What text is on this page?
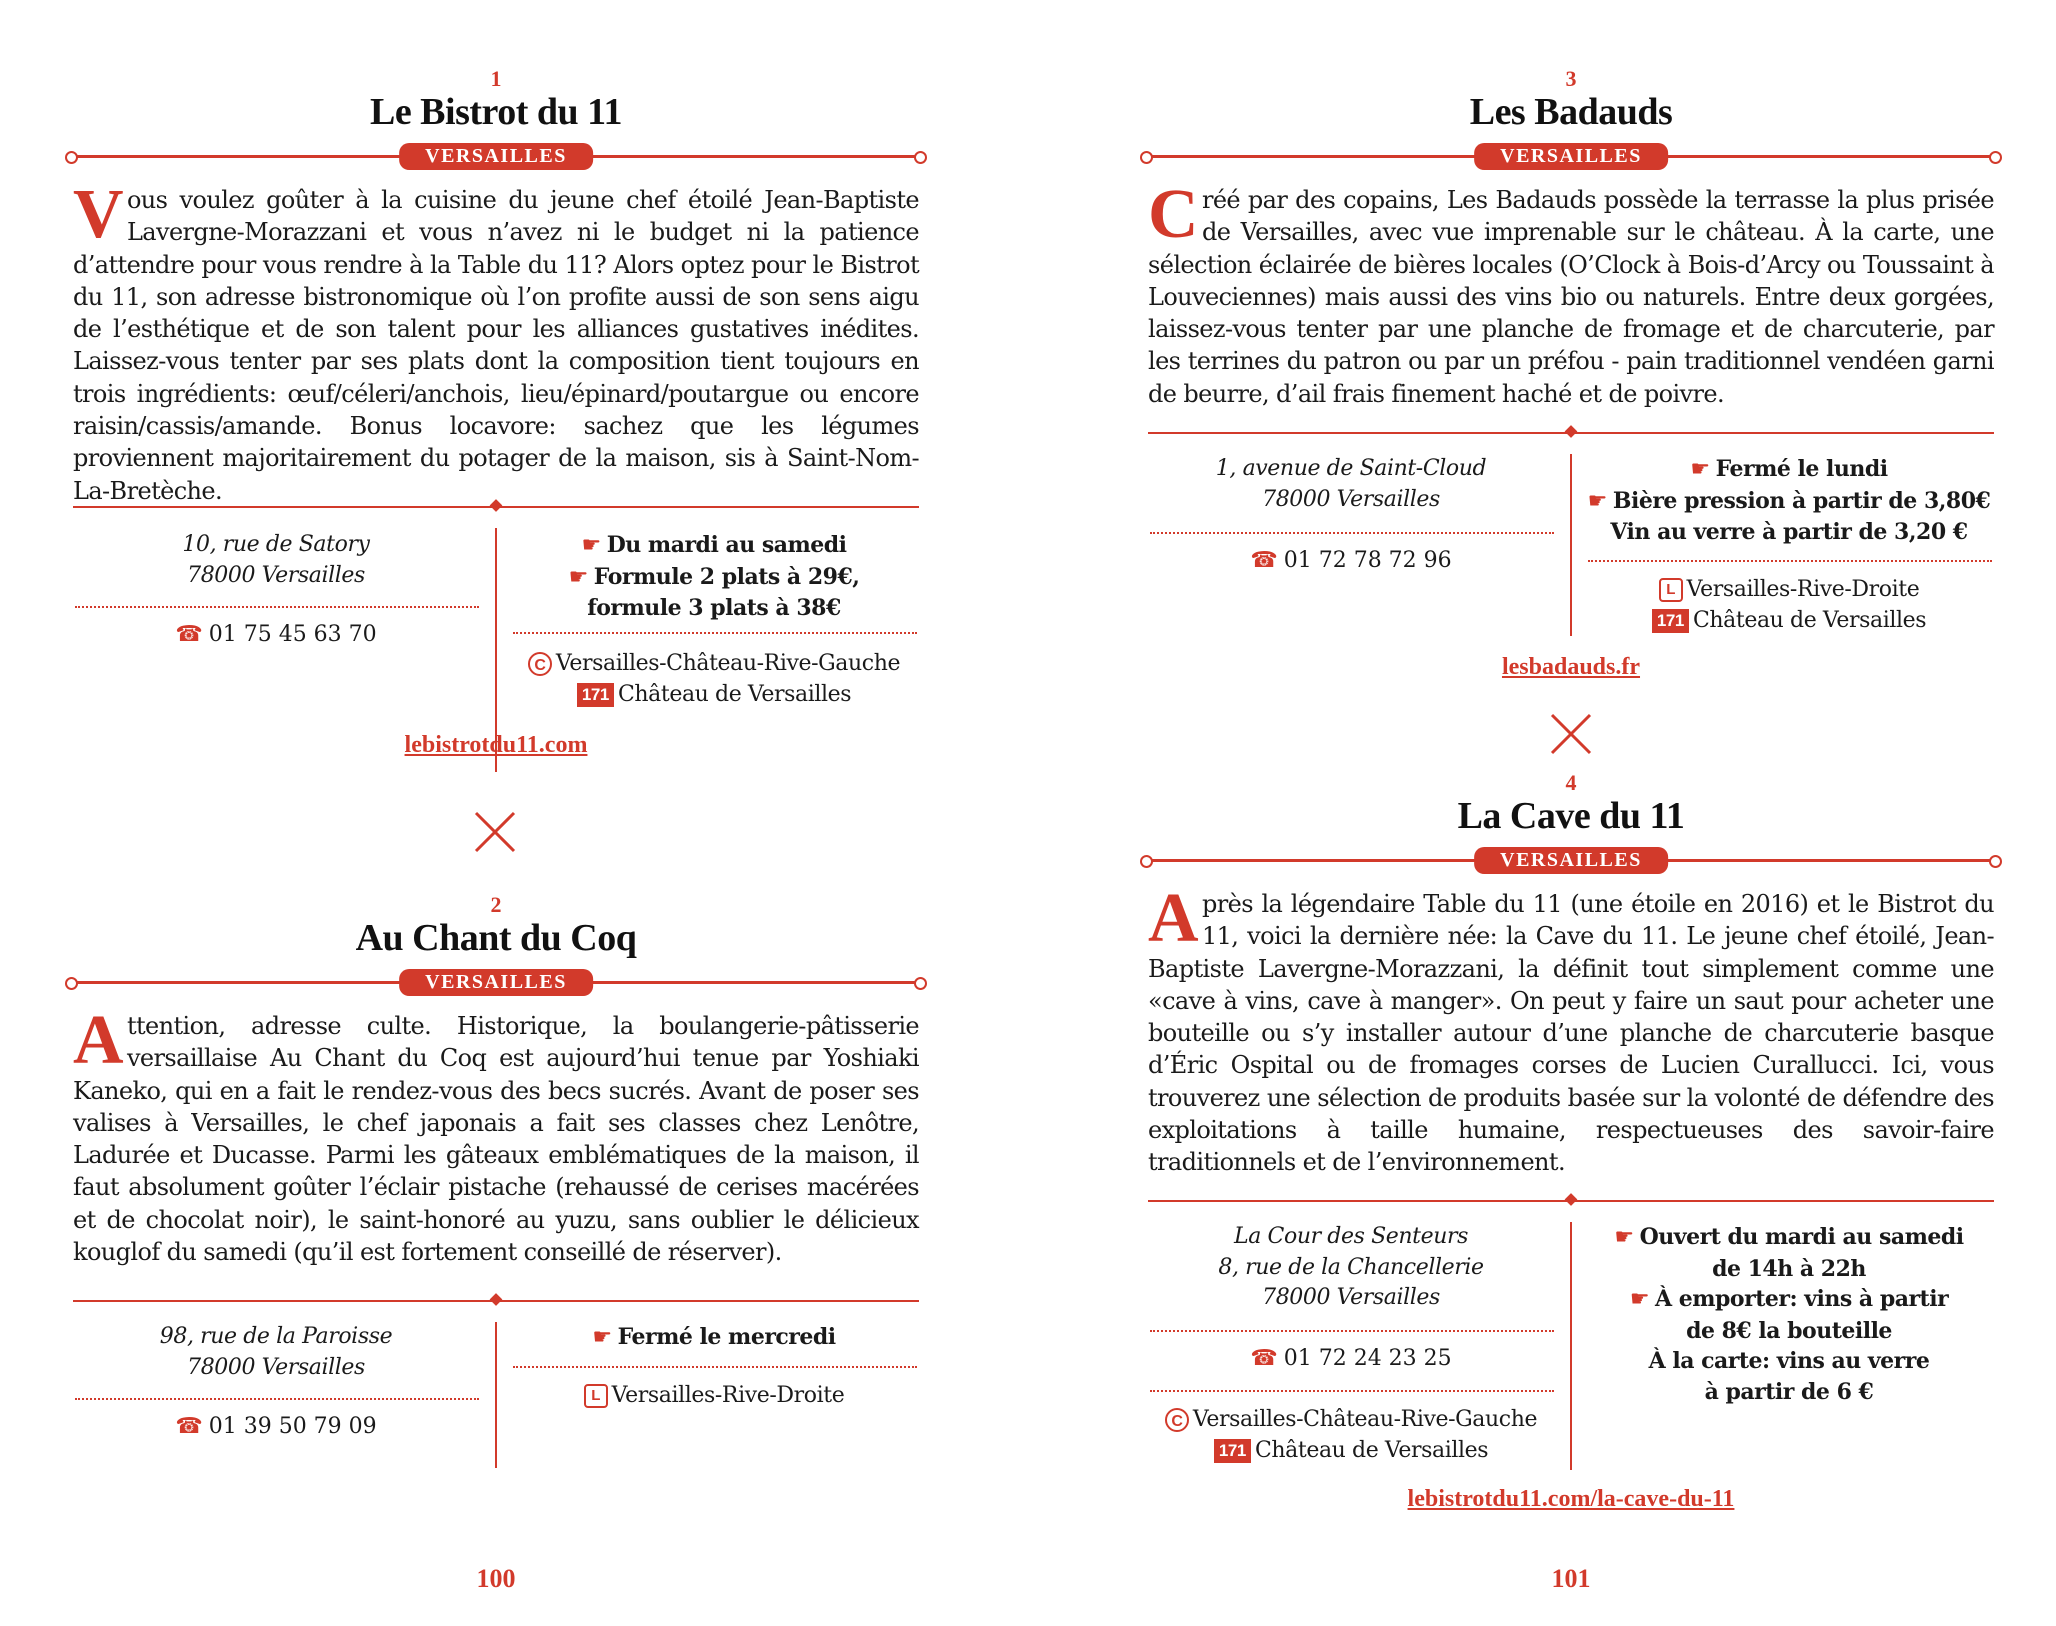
1
Le Bistrot du 11
VERSAILLES
Vous voulez goûter à la cuisine du jeune chef étoilé Jean-Baptiste Lavergne-Morazzani et vous n’avez ni le budget ni la patience d’attendre pour vous rendre à la Table du 11? Alors optez pour le Bistrot du 11, son adresse bistronomique où l’on profite aussi de son sens aigu de l’esthétique et de son talent pour les alliances gustatives inédites. Laissez-vous tenter par ses plats dont la composition tient toujours en trois ingrédients: œuf/céleri/anchois, lieu/épinard/poutargue ou encore raisin/cassis/amande. Bonus locavore: sachez que les légumes proviennent majoritairement du potager de la maison, sis à Saint-Nom-La-Bretèche.
10, rue de Satory
78000 Versailles
☎ 01 75 45 63 70
☛ Du mardi au samedi
☛ Formule 2 plats à 29€,
formule 3 plats à 38€
C Versailles-Château-Rive-Gauche
171 Château de Versailles
lebistrotdu11.com
2
Au Chant du Coq
VERSAILLES
Attention, adresse culte. Historique, la boulangerie-pâtisserie versaillaise Au Chant du Coq est aujourd’hui tenue par Yoshiaki Kaneko, qui en a fait le rendez-vous des becs sucrés. Avant de poser ses valises à Versailles, le chef japonais a fait ses classes chez Lenôtre, Ladurée et Ducasse. Parmi les gâteaux emblématiques de la maison, il faut absolument goûter l’éclair pistache (rehaussé de cerises macérées et de chocolat noir), le saint-honoré au yuzu, sans oublier le délicieux kouglof du samedi (qu’il est fortement conseillé de réserver).
98, rue de la Paroisse
78000 Versailles
☎ 01 39 50 79 09
☛ Fermé le mercredi
L Versailles-Rive-Droite
100
3
Les Badauds
VERSAILLES
Créé par des copains, Les Badauds possède la terrasse la plus prisée de Versailles, avec vue imprenable sur le château. À la carte, une sélection éclairée de bières locales (O’Clock à Bois-d’Arcy ou Toussaint à Louveciennes) mais aussi des vins bio ou naturels. Entre deux gorgées, laissez-vous tenter par une planche de fromage et de charcuterie, par les terrines du patron ou par un préfou - pain traditionnel vendéen garni de beurre, d’ail frais finement haché et de poivre.
1, avenue de Saint-Cloud
78000 Versailles
☎ 01 72 78 72 96
☛ Fermé le lundi
☛ Bière pression à partir de 3,80€
Vin au verre à partir de 3,20 €
L Versailles-Rive-Droite
171 Château de Versailles
lesbadauds.fr
4
La Cave du 11
VERSAILLES
Après la légendaire Table du 11 (une étoile en 2016) et le Bistrot du 11, voici la dernière née: la Cave du 11. Le jeune chef étoilé, Jean-Baptiste Lavergne-Morazzani, la définit tout simplement comme une «cave à vins, cave à manger». On peut y faire un saut pour acheter une bouteille ou s’y installer autour d’une planche de charcuterie basque d’Éric Ospital ou de fromages corses de Lucien Curallucci. Ici, vous trouverez une sélection de produits basée sur la volonté de défendre des exploitations à taille humaine, respectueuses des savoir-faire traditionnels et de l’environnement.
La Cour des Senteurs
8, rue de la Chancellerie
78000 Versailles
☎ 01 72 24 23 25
C Versailles-Château-Rive-Gauche
171 Château de Versailles
☛ Ouvert du mardi au samedi
de 14h à 22h
☛ À emporter: vins à partir
de 8€ la bouteille
À la carte: vins au verre
à partir de 6 €
lebistrotdu11.com/la-cave-du-11
101
